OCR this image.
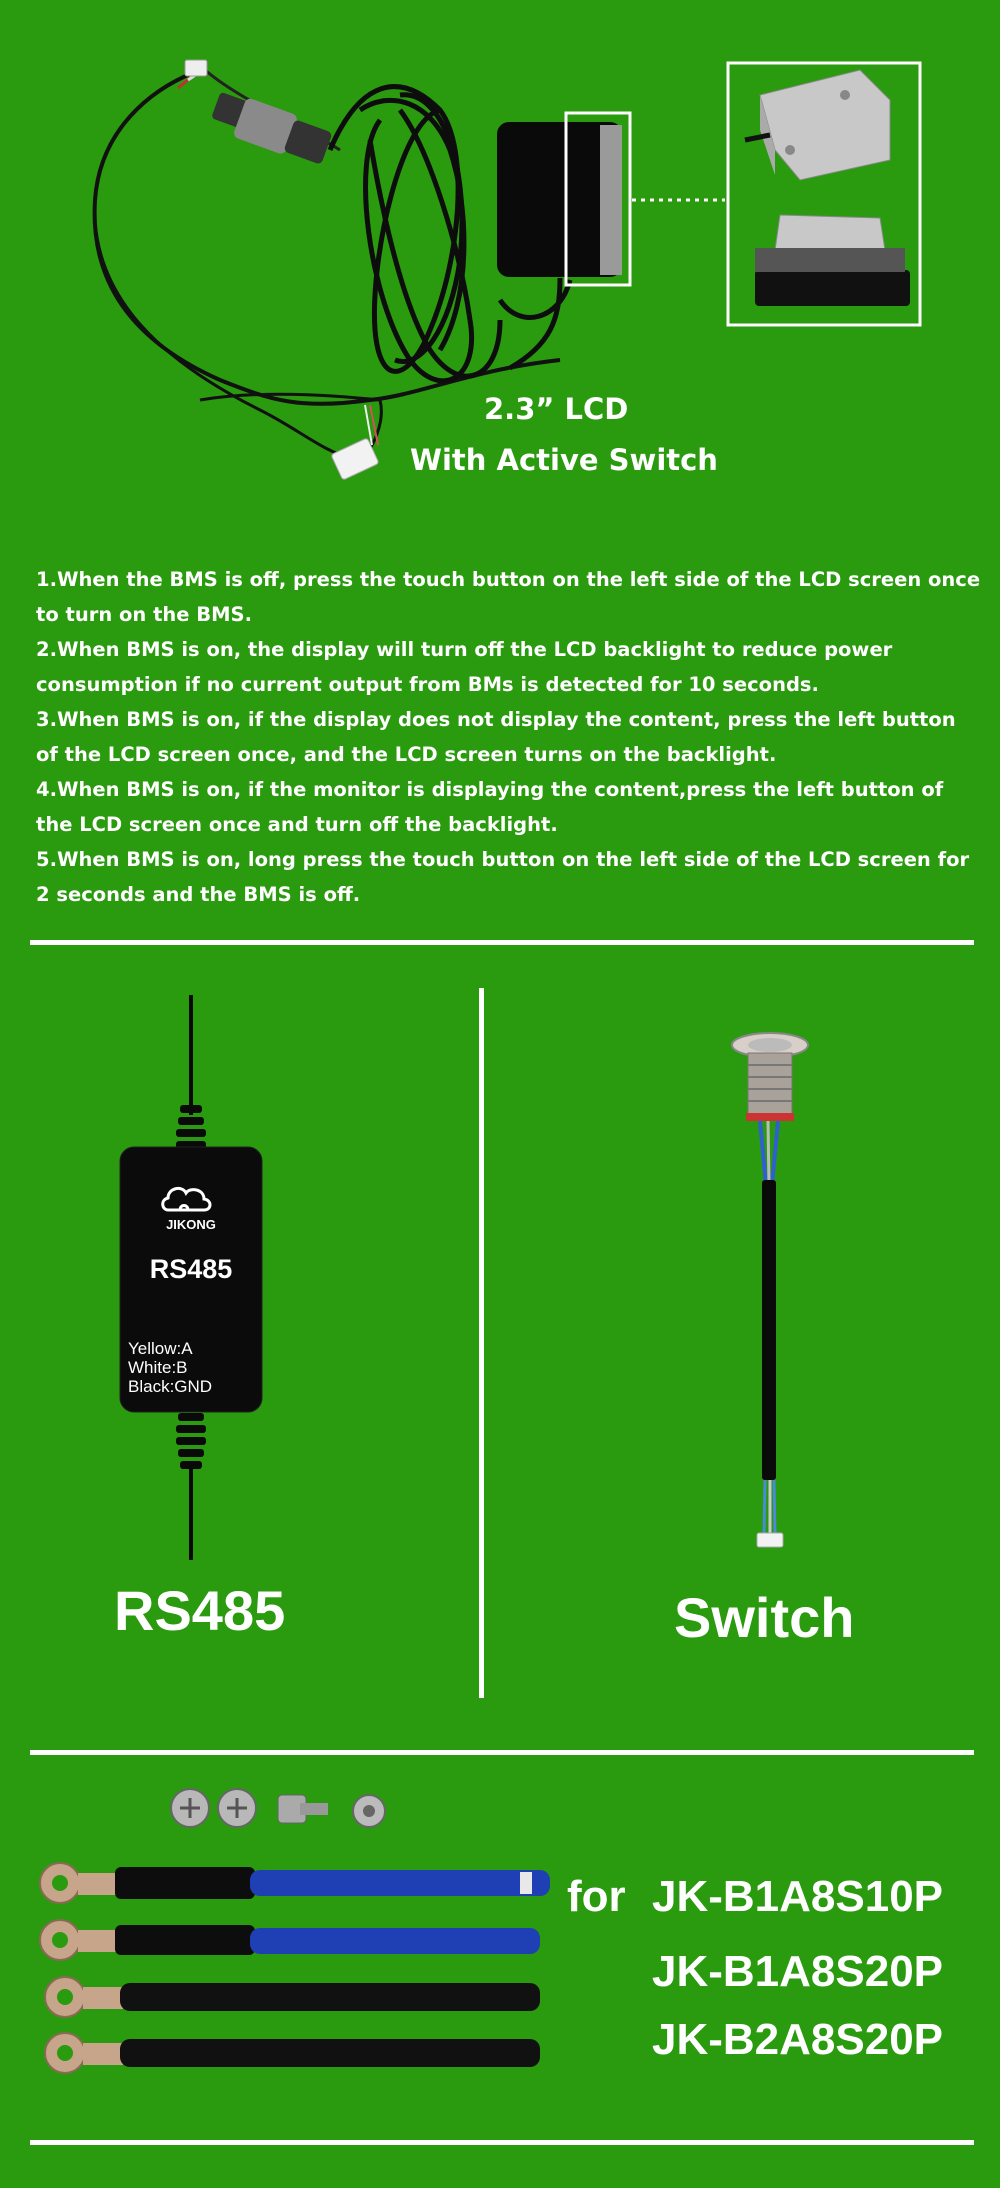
2.3” LCD
With Active Switch

1.When the BMS is off, press the touch button on the left side of the LCD screen once to turn on the BMS.

2.When BMS is on, the display will turn off the LCD backlight to reduce power consumption if no current output from BMs is detected for 10 seconds.

3.When BMS is on, if the display does not display the content, press the left button of the LCD screen once, and the LCD screen turns on the backlight.

4.When BMS is on, if the monitor is displaying the content,press the left button of the LCD screen once and turn off the backlight.

5.When BMS is on, long press the touch button on the left side of the LCD screen for 2 seconds and the BMS is off.

JIKONG
RS485
Yellow:A
White:B
Black:GND
RS485	Switch
for JK-B1A8S10P
JK-B1A8S20P
JK-B2A8S20P
